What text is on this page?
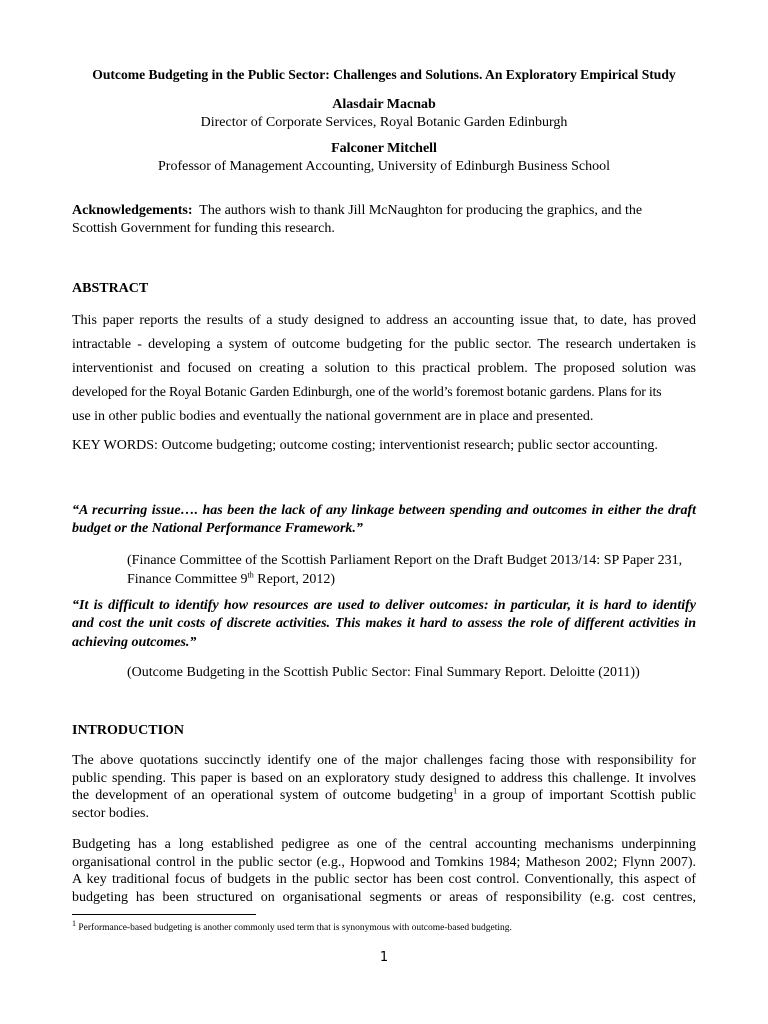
Outcome Budgeting in the Public Sector: Challenges and Solutions. An Exploratory Empirical Study
Alasdair Macnab
Director of Corporate Services, Royal Botanic Garden Edinburgh
Falconer Mitchell
Professor of Management Accounting, University of Edinburgh Business School
Acknowledgements: The authors wish to thank Jill McNaughton for producing the graphics, and the
Scottish Government for funding this research.
ABSTRACT
This paper reports the results of a study designed to address an accounting issue that, to date, has proved
intractable - developing a system of outcome budgeting for the public sector. The research undertaken is
interventionist and focused on creating a solution to this practical problem. The proposed solution was
developed for the Royal Botanic Garden Edinburgh, one of the world’s foremost botanic gardens. Plans for its
use in other public bodies and eventually the national government are in place and presented.
KEY WORDS: Outcome budgeting; outcome costing; interventionist research; public sector accounting.
“A recurring issue…. has been the lack of any linkage between spending and outcomes in either the draft
budget or the National Performance Framework.”
(Finance Committee of the Scottish Parliament Report on the Draft Budget 2013/14: SP Paper 231,
Finance Committee 9th Report, 2012)
“It is difficult to identify how resources are used to deliver outcomes: in particular, it is hard to identify
and cost the unit costs of discrete activities. This makes it hard to assess the role of different activities in
achieving outcomes.”
(Outcome Budgeting in the Scottish Public Sector: Final Summary Report. Deloitte (2011))
INTRODUCTION
The above quotations succinctly identify one of the major challenges facing those with responsibility for
public spending. This paper is based on an exploratory study designed to address this challenge. It involves
the development of an operational system of outcome budgeting$^1$ in a group of important Scottish public
sector bodies.
Budgeting has a long established pedigree as one of the central accounting mechanisms underpinning
organisational control in the public sector (e.g., Hopwood and Tomkins 1984; Matheson 2002; Flynn 2007).
A key traditional focus of budgets in the public sector has been cost control. Conventionally, this aspect of
budgeting has been structured on organisational segments or areas of responsibility (e.g. cost centres,
$^1$ Performance-based budgeting is another commonly used term that is synonymous with outcome-based budgeting.
1
